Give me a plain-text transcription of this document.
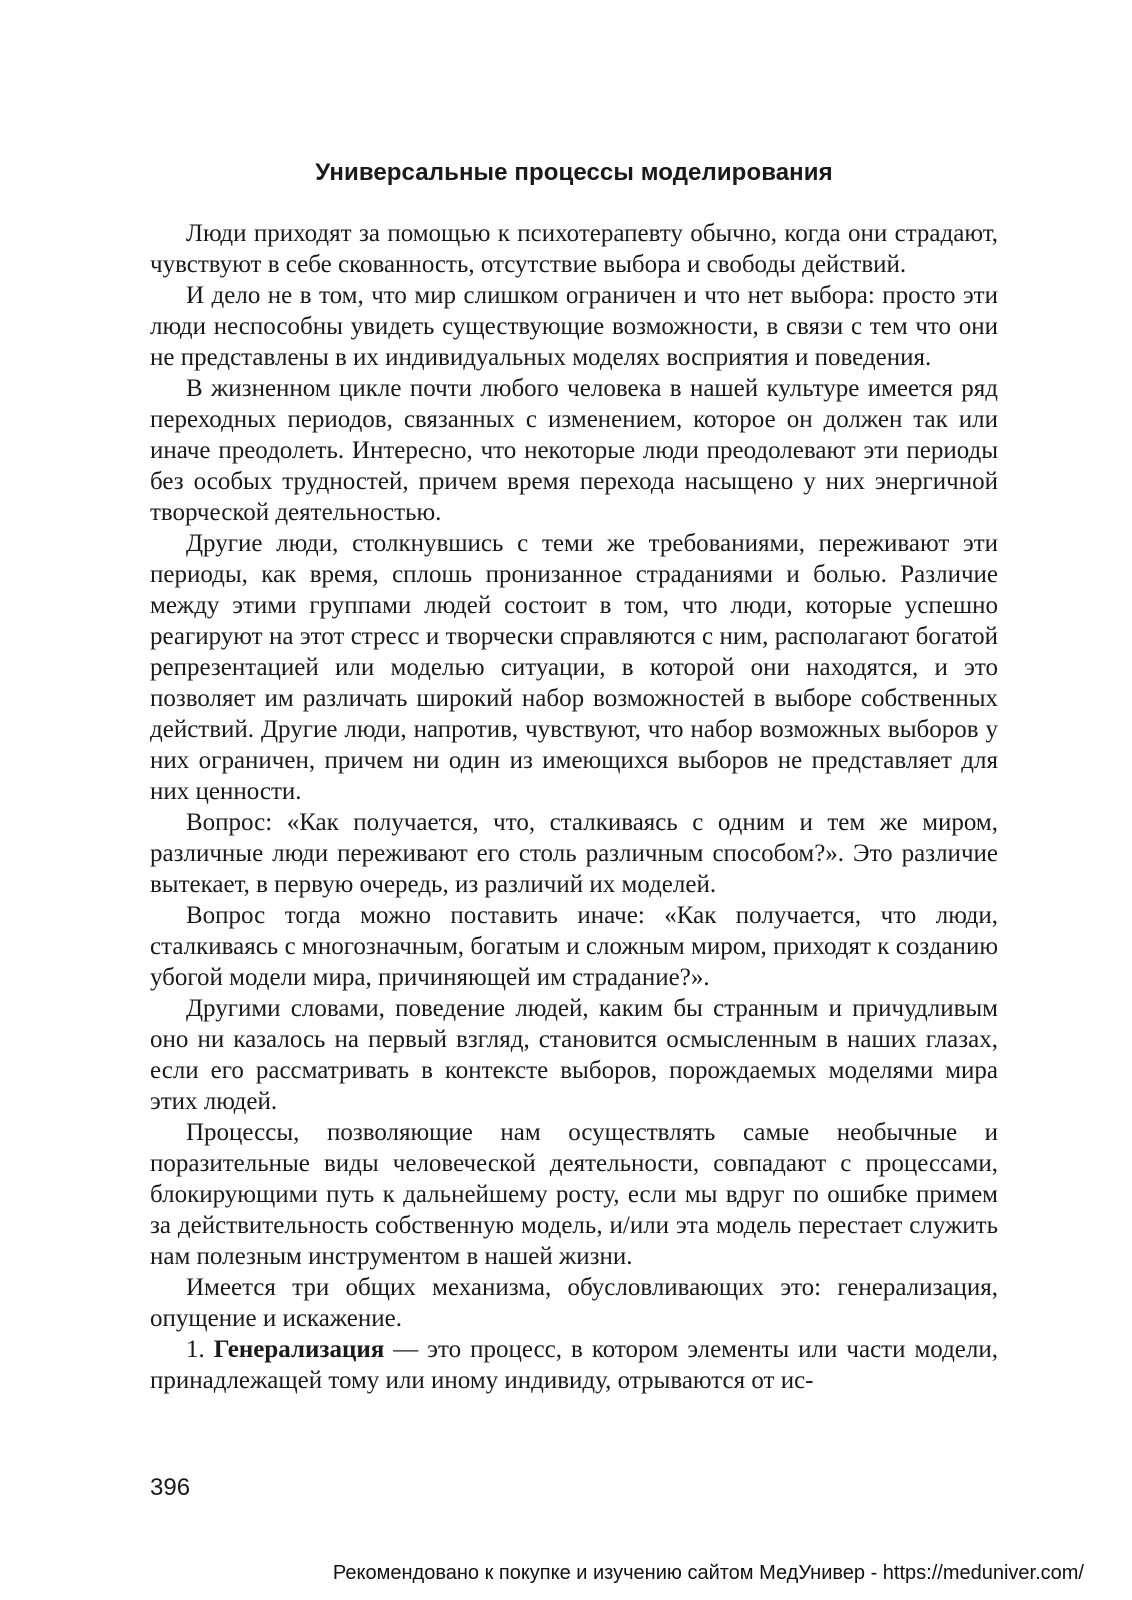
Универсальные процессы моделирования

Люди приходят за помощью к психотерапевту обычно, когда они страдают, чувствуют в себе скованность, отсутствие выбора и свободы действий.

И дело не в том, что мир слишком ограничен и что нет выбора: просто эти люди неспособны увидеть существующие возможности, в связи с тем что они не представлены в их индивидуальных моделях восприятия и поведения.

В жизненном цикле почти любого человека в нашей культуре имеется ряд переходных периодов, связанных с изменением, которое он должен так или иначе преодолеть. Интересно, что некоторые люди преодолевают эти периоды без особых трудностей, причем время перехода насыщено у них энергичной творческой деятельностью.

Другие люди, столкнувшись с теми же требованиями, переживают эти периоды, как время, сплошь пронизанное страданиями и болью. Различие между этими группами людей состоит в том, что люди, которые успешно реагируют на этот стресс и творчески справляются с ним, располагают богатой репрезентацией или моделью ситуации, в которой они находятся, и это позволяет им различать широкий набор возможностей в выборе собственных действий. Другие люди, напротив, чувствуют, что набор возможных выборов у них ограничен, причем ни один из имеющихся выборов не представляет для них ценности.

Вопрос: «Как получается, что, сталкиваясь с одним и тем же миром, различные люди переживают его столь различным способом?». Это различие вытекает, в первую очередь, из различий их моделей.

Вопрос тогда можно поставить иначе: «Как получается, что люди, сталкиваясь с многозначным, богатым и сложным миром, приходят к созданию убогой модели мира, причиняющей им страдание?».

Другими словами, поведение людей, каким бы странным и причудливым оно ни казалось на первый взгляд, становится осмысленным в наших глазах, если его рассматривать в контексте выборов, порождаемых моделями мира этих людей.

Процессы, позволяющие нам осуществлять самые необычные и поразительные виды человеческой деятельности, совпадают с процессами, блокирующими путь к дальнейшему росту, если мы вдруг по ошибке примем за действительность собственную модель, и/или эта модель перестает служить нам полезным инструментом в нашей жизни.

Имеется три общих механизма, обусловливающих это: генерализация, опущение и искажение.

1. Генерализация — это процесс, в котором элементы или части модели, принадлежащей тому или иному индивиду, отрываются от ис-

396
Рекомендовано к покупке и изучению сайтом МедУнивер - https://meduniver.com/
